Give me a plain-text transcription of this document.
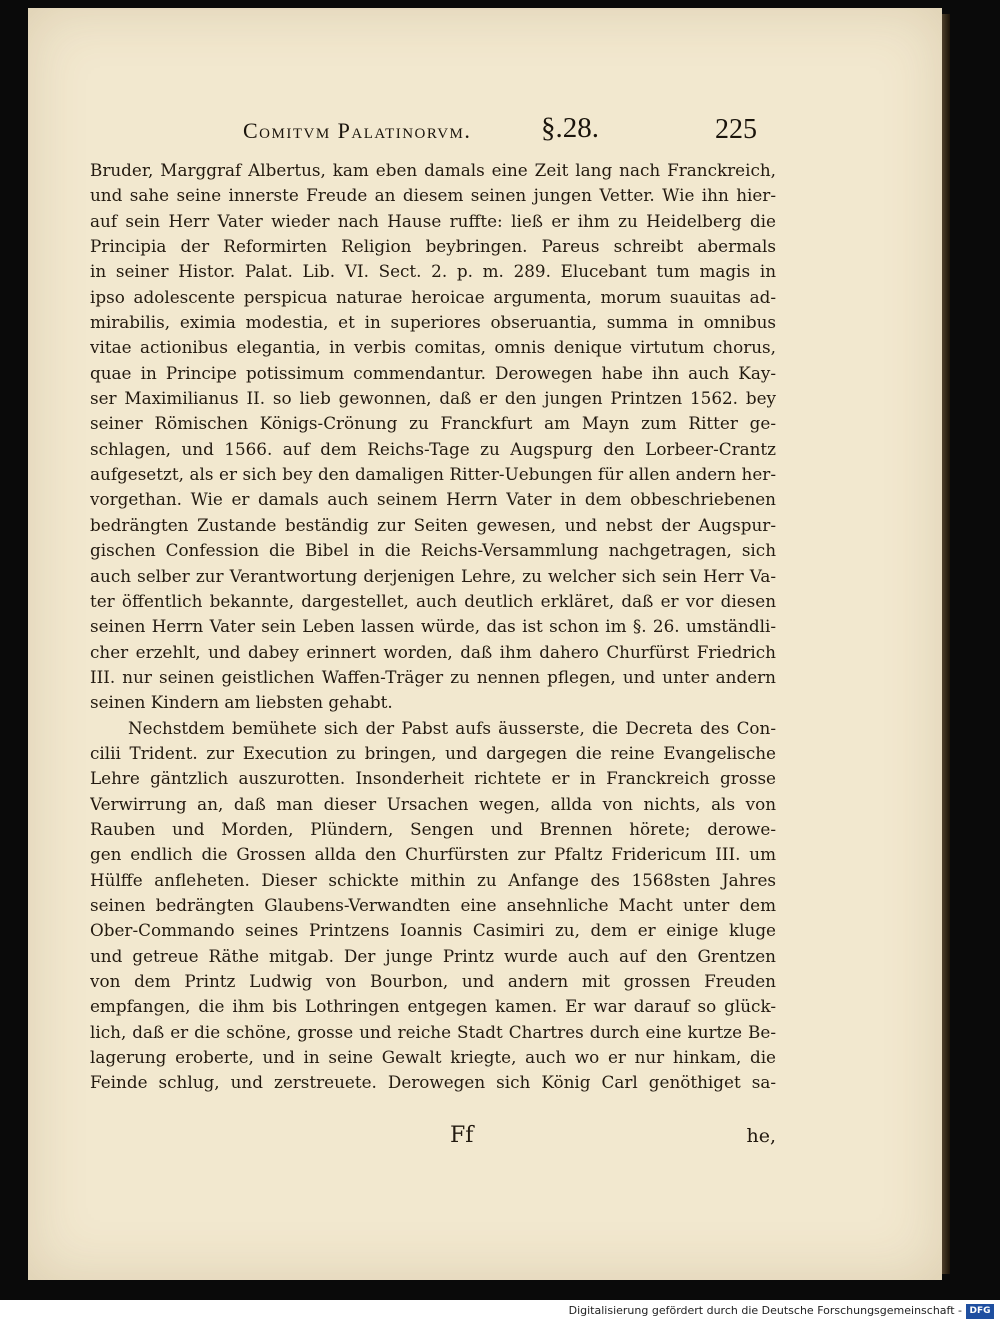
Comitvm Palatinorvm. §.28.	225
Bruder, Marggraf Albertus, kam eben damals eine Zeit lang nach Franckreich,
und sahe seine innerste Freude an diesem seinen jungen Vetter. Wie ihn hier-
auf sein Herr Vater wieder nach Hause ruffte: ließ er ihm zu Heidelberg die
Principia der Reformirten Religion beybringen. Pareus schreibt abermals
in seiner Histor. Palat. Lib. VI. Sect. 2. p. m. 289. Elucebant tum magis in
ipso adolescente perspicua naturae heroicae argumenta, morum suauitas ad-
mirabilis, eximia modestia, et in superiores obseruantia, summa in omnibus
vitae actionibus elegantia, in verbis comitas, omnis denique virtutum chorus,
quae in Principe potissimum commendantur. Derowegen habe ihn auch Kay-
ser Maximilianus II. so lieb gewonnen, daß er den jungen Printzen 1562. bey
seiner Römischen Königs-Crönung zu Franckfurt am Mayn zum Ritter ge-
schlagen, und 1566. auf dem Reichs-Tage zu Augspurg den Lorbeer-Crantz
aufgesetzt, als er sich bey den damaligen Ritter-Uebungen für allen andern her-
vorgethan. Wie er damals auch seinem Herrn Vater in dem obbeschriebenen
bedrängten Zustande beständig zur Seiten gewesen, und nebst der Augspur-
gischen Confession die Bibel in die Reichs-Versammlung nachgetragen, sich
auch selber zur Verantwortung derjenigen Lehre, zu welcher sich sein Herr Va-
ter öffentlich bekannte, dargestellet, auch deutlich erkläret, daß er vor diesen
seinen Herrn Vater sein Leben lassen würde, das ist schon im §. 26. umständli-
cher erzehlt, und dabey erinnert worden, daß ihm dahero Churfürst Friedrich
III. nur seinen geistlichen Waffen-Träger zu nennen pflegen, und unter andern
seinen Kindern am liebsten gehabt.
Nechstdem bemühete sich der Pabst aufs äusserste, die Decreta des Con-
cilii Trident. zur Execution zu bringen, und dargegen die reine Evangelische
Lehre gäntzlich auszurotten. Insonderheit richtete er in Franckreich grosse
Verwirrung an, daß man dieser Ursachen wegen, allda von nichts, als von
Rauben und Morden, Plündern, Sengen und Brennen hörete; derowe-
gen endlich die Grossen allda den Churfürsten zur Pfaltz Fridericum III. um
Hülffe anfleheten. Dieser schickte mithin zu Anfange des 1568sten Jahres
seinen bedrängten Glaubens-Verwandten eine ansehnliche Macht unter dem
Ober-Commando seines Printzens Ioannis Casimiri zu, dem er einige kluge
und getreue Räthe mitgab. Der junge Printz wurde auch auf den Grentzen
von dem Printz Ludwig von Bourbon, und andern mit grossen Freuden
empfangen, die ihm bis Lothringen entgegen kamen. Er war darauf so glück-
lich, daß er die schöne, grosse und reiche Stadt Chartres durch eine kurtze Be-
lagerung eroberte, und in seine Gewalt kriegte, auch wo er nur hinkam, die
Feinde schlug, und zerstreuete. Derowegen sich König Carl genöthiget sa-
Ff	he,
Digitalisierung gefördert durch die Deutsche Forschungsgemeinschaft - DFG
